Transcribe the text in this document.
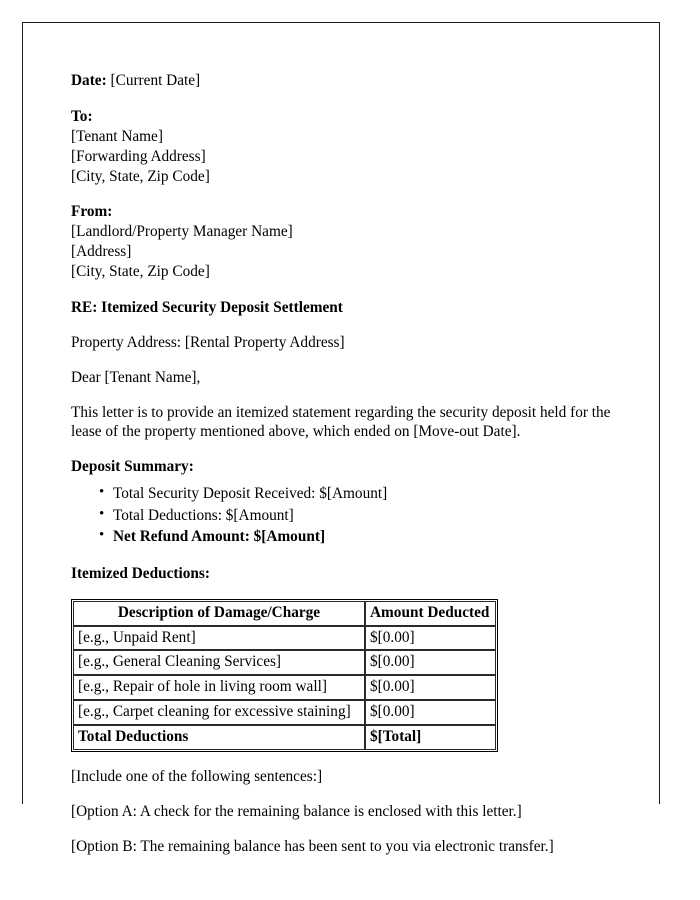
Date: [Current Date]

To:

[Tenant Name]

[Forwarding Address]

[City, State, Zip Code]

From:

[Landlord/Property Manager Name]

[Address]

[City, State, Zip Code]

RE: Itemized Security Deposit Settlement

Property Address: [Rental Property Address]

Dear [Tenant Name],

This letter is to provide an itemized statement regarding the security deposit held for the lease of the property mentioned above, which ended on [Move-out Date].

Deposit Summary:

• Total Security Deposit Received: $[Amount]
• Total Deductions: $[Amount]
• Net Refund Amount: $[Amount]

Itemized Deductions:

Description of Damage/Charge	Amount Deducted
[e.g., Unpaid Rent]	$[0.00]
[e.g., General Cleaning Services]	$[0.00]
[e.g., Repair of hole in living room wall]	$[0.00]
[e.g., Carpet cleaning for excessive staining]	$[0.00]
Total Deductions	$[Total]

[Include one of the following sentences:]

[Option A: A check for the remaining balance is enclosed with this letter.]

[Option B: The remaining balance has been sent to you via electronic transfer.]
